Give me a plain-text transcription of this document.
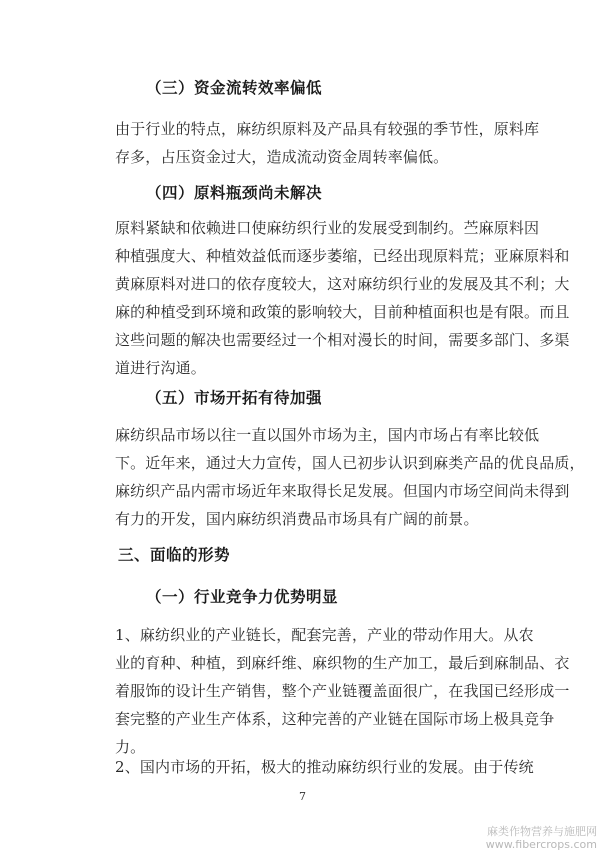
（三）资金流转效率偏低
由于行业的特点，麻纺织原料及产品具有较强的季节性，原料库
存多，占压资金过大，造成流动资金周转率偏低。
（四）原料瓶颈尚未解决
原料紧缺和依赖进口使麻纺织行业的发展受到制约。苎麻原料因
种植强度大、种植效益低而逐步萎缩，已经出现原料荒；亚麻原料和
黄麻原料对进口的依存度较大，这对麻纺织行业的发展及其不利；大
麻的种植受到环境和政策的影响较大，目前种植面积也是有限。而且
这些问题的解决也需要经过一个相对漫长的时间，需要多部门、多渠
道进行沟通。
（五）市场开拓有待加强
麻纺织品市场以往一直以国外市场为主，国内市场占有率比较低
下。近年来，通过大力宣传，国人已初步认识到麻类产品的优良品质，
麻纺织产品内需市场近年来取得长足发展。但国内市场空间尚未得到
有力的开发，国内麻纺织消费品市场具有广阔的前景。
三、面临的形势
（一）行业竞争力优势明显
1、麻纺织业的产业链长，配套完善，产业的带动作用大。从农
业的育种、种植，到麻纤维、麻织物的生产加工，最后到麻制品、衣
着服饰的设计生产销售，整个产业链覆盖面很广，在我国已经形成一
套完整的产业生产体系，这种完善的产业链在国际市场上极具竞争
力。
2、国内市场的开拓，极大的推动麻纺织行业的发展。由于传统
7
麻类作物营养与施肥网
www.fibercrops.com
